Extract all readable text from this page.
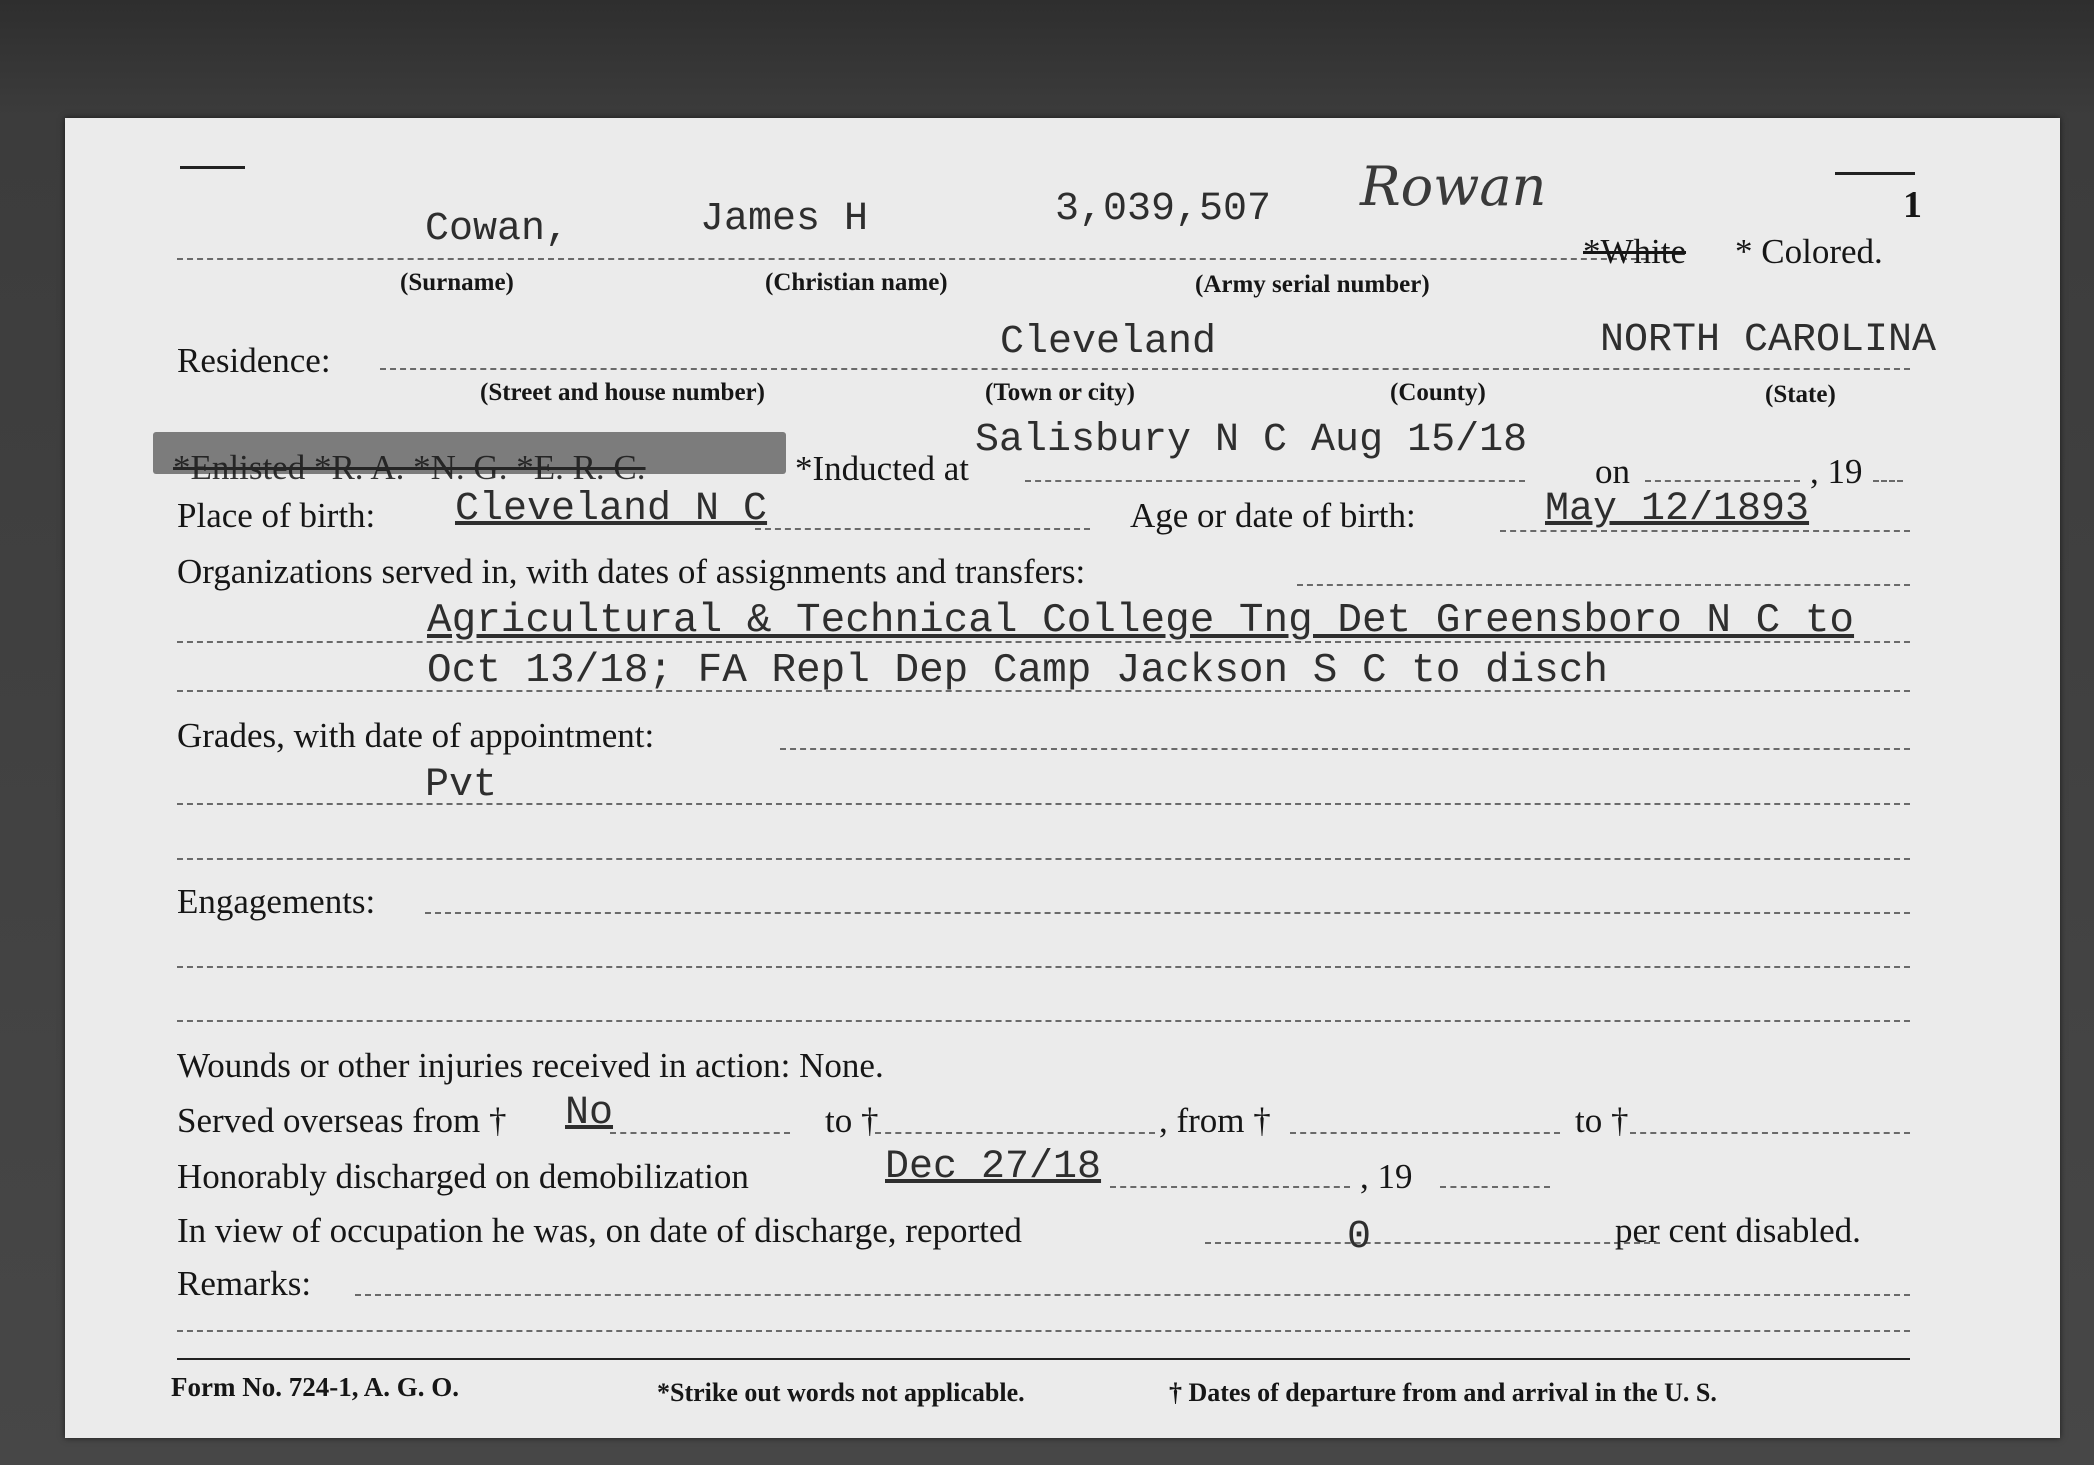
1
Cowan,	James H	3,039,507 Rowan
*White * Colored.
(Surname)	(Christian name)	(Army serial number)
Residence:	Cleveland	NORTH CAROLINA
(Street and house number)	(Town or city)	(County)	(State)
*Enlisted *R. A. *N. G. *E. R. C.	*Inducted at
Salisbury N C Aug 15/18
on	, 19
Place of birth: Cleveland N C	Age or date of birth:	May 12/1893
Organizations served in, with dates of assignments and transfers:
Agricultural & Technical College Tng Det Greensboro N C to
Oct 13/18; FA Repl Dep Camp Jackson S C to disch
Grades, with date of appointment:
Pvt
Engagements:
Wounds or other injuries received in action: None.
Served overseas from † No	to †	, from †	to †
Honorably discharged on demobilization	Dec 27/18	, 19
In view of occupation he was, on date of discharge, reported	0	per cent disabled.
Remarks:
Form No. 724-1, A. G. O.	*Strike out words not applicable.	† Dates of departure from and arrival in the U. S.
